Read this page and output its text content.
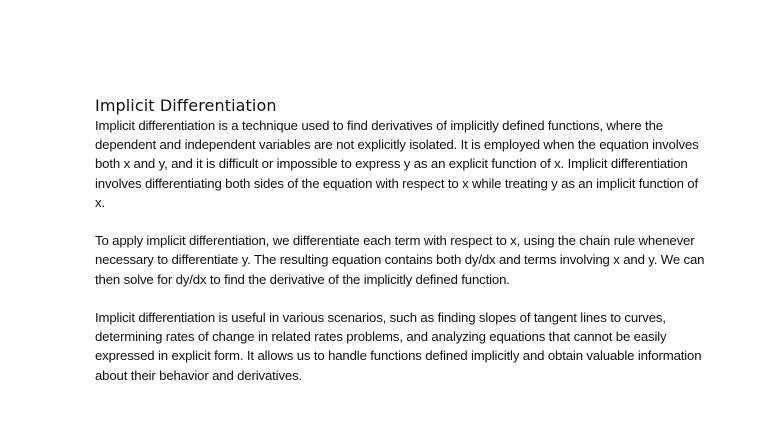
Implicit Differentiation

Implicit differentiation is a technique used to find derivatives of implicitly defined functions, where the dependent and independent variables are not explicitly isolated. It is employed when the equation involves both x and y, and it is difficult or impossible to express y as an explicit function of x. Implicit differentiation involves differentiating both sides of the equation with respect to x while treating y as an implicit function of x.

To apply implicit differentiation, we differentiate each term with respect to x, using the chain rule whenever necessary to differentiate y. The resulting equation contains both dy/dx and terms involving x and y. We can then solve for dy/dx to find the derivative of the implicitly defined function.

Implicit differentiation is useful in various scenarios, such as finding slopes of tangent lines to curves, determining rates of change in related rates problems, and analyzing equations that cannot be easily expressed in explicit form. It allows us to handle functions defined implicitly and obtain valuable information about their behavior and derivatives.
